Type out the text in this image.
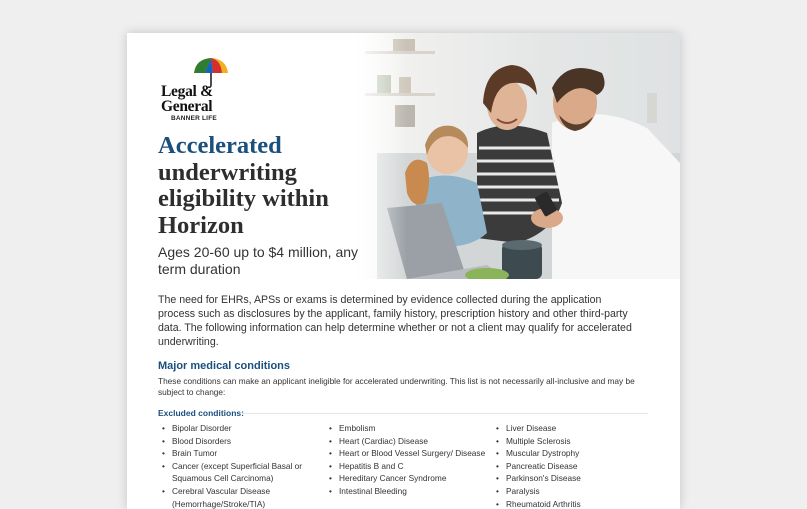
Legal &
General
BANNER LIFE
Accelerated
underwriting eligibility within Horizon

Ages 20-60 up to $4 million, any term duration

The need for EHRs, APSs or exams is determined by evidence collected during the application process such as disclosures by the applicant, family history, prescription history and other third-party data. The following information can help determine whether or not a client may qualify for accelerated underwriting.

Major medical conditions

These conditions can make an applicant ineligible for accelerated underwriting. This list is not necessarily all-inclusive and may be subject to change:

Excluded conditions:
• Bipolar Disorder
• Blood Disorders
• Brain Tumor
• Cancer (except Superficial Basal or Squamous Cell Carcinoma)
• Cerebral Vascular Disease (Hemorrhage/Stroke/TIA)
• Embolism
• Heart (Cardiac) Disease
• Heart or Blood Vessel Surgery/ Disease
• Hepatitis B and C
• Hereditary Cancer Syndrome
• Intestinal Bleeding
• Liver Disease
• Multiple Sclerosis
• Muscular Dystrophy
• Pancreatic Disease
• Parkinson's Disease
• Paralysis
• Rheumatoid Arthritis
